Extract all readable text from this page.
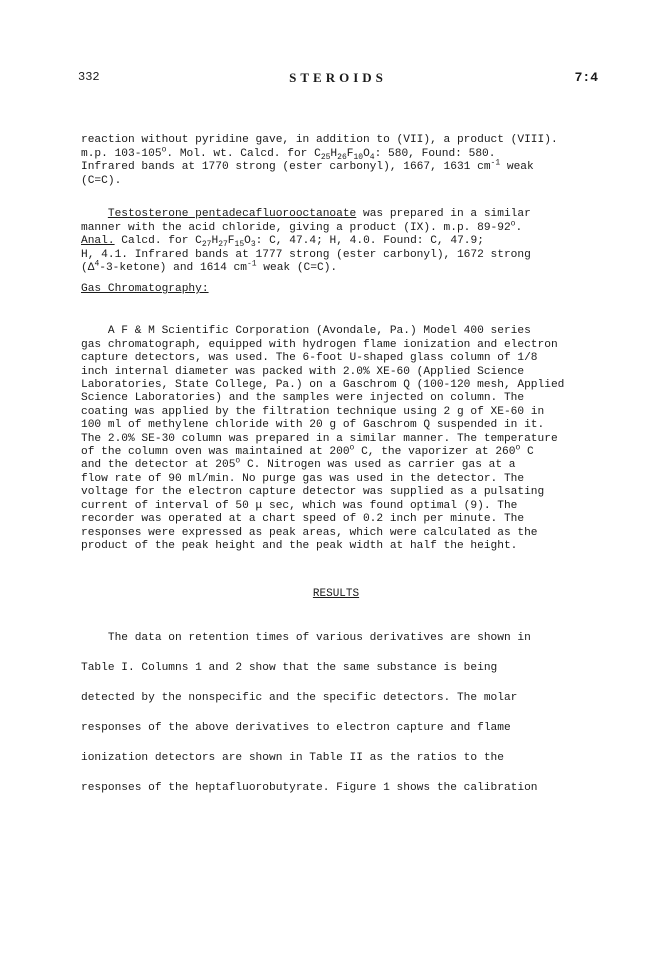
332	STEROIDS	7:4

reaction without pyridine gave, in addition to (VII), a product (VIII).
m.p. 103-105$^o$. Mol. wt. Calcd. for $C_{25}H_{26}F_{10}O_4$: 580, Found: 580.
Infrared bands at 1770 strong (ester carbonyl), 1667, 1631 $cm^{-1}$ weak
(C=C).

Testosterone pentadecafluorooctanoate was prepared in a similar
manner with the acid chloride, giving a product (IX). m.p. 89-92$^o$.
Anal. Calcd. for $C_{27}H_{27}F_{15}O_3$: C, 47.4; H, 4.0. Found: C, 47.9;
H, 4.1. Infrared bands at 1777 strong (ester carbonyl), 1672 strong
$(\Delta^4-3-ketone)$ and 1614 $cm^{-1}$ weak (C=C).

Gas Chromatography:

A F & M Scientific Corporation (Avondale, Pa.) Model 400 series
gas chromatograph, equipped with hydrogen flame ionization and electron
capture detectors, was used. The 6-foot U-shaped glass column of 1/8
inch internal diameter was packed with 2.0% XE-60 (Applied Science
Laboratories, State College, Pa.) on a Gaschrom Q (100-120 mesh, Applied
Science Laboratories) and the samples were injected on column. The
coating was applied by the filtration technique using 2 g of XE-60 in
100 ml of methylene chloride with 20 g of Gaschrom Q suspended in it.
The 2.0% SE-30 column was prepared in a similar manner. The temperature
of the column oven was maintained at 200$^o$ C, the vaporizer at 260$^o$ C
and the detector at 205$^o$ C. Nitrogen was used as carrier gas at a
flow rate of 90 ml/min. No purge gas was used in the detector. The
voltage for the electron capture detector was supplied as a pulsating
current of interval of 50 μ sec, which was found optimal (9). The
recorder was operated at a chart speed of 0.2 inch per minute. The
responses were expressed as peak areas, which were calculated as the
product of the peak height and the peak width at half the height.

RESULTS
The data on retention times of various derivatives are shown in
Table I. Columns 1 and 2 show that the same substance is being
detected by the nonspecific and the specific detectors. The molar
responses of the above derivatives to electron capture and flame
ionization detectors are shown in Table II as the ratios to the
responses of the heptafluorobutyrate. Figure 1 shows the calibration
